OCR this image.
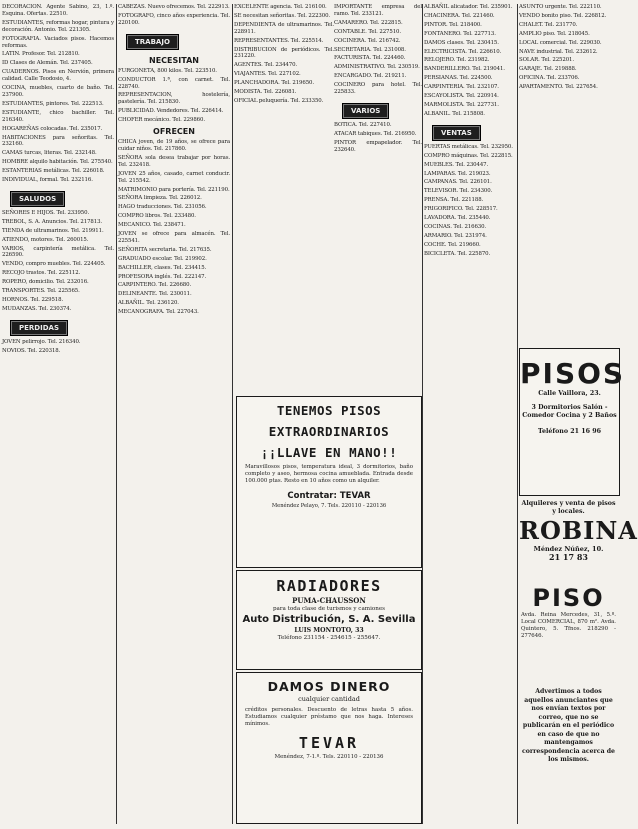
DECORACION. Agente Sabino, 23, 1.º. Esquina. Ofertas. 22510.

ESTUDIANTES, reformas hogar, pintura y decoración. Antonio. Tel. 221305.

FOTOGRAFIA. Vaciados pisos. Hacemos reformas.

LATIN. Profesor. Tel. 212810.

ID Clases de Alemán. Tel. 237405.

CUADERNOS. Pisos en Nervión, primera calidad. Calle Teodosio, 4.

COCINA, muebles, cuarto de baño. Tel. 237900.

ESTUDIANTES, pintores. Tel. 222513.

ESTUDIANTE, chico bachiller. Tel. 216340.

HOGAREÑAS colocadas. Tel. 235017.

HABITACIONES para señoritas. Tel. 232160.

CAMAS turcas, literas. Tel. 232148.

HOMBRE alquilo habitación. Tel. 275540.

ESTANTERIAS metálicas. Tel. 226018.

INDIVIDUAL, formal. Tel. 232116.

SALUDOS

SEÑORES E HIJOS. Tel. 233950.

TREBOL, S. A. Anuncios. Tel. 217813.

TIENDA de ultramarinos. Tel. 219911.

ATIENDO, motores. Tel. 260015.

VARIOS, carpintería metálica. Tel. 226590.

VENDO, compro muebles. Tel. 224405.

RECOJO trastos. Tel. 225112.

ROPERO, domicilio. Tel. 232016.

TRANSPORTES. Tel. 225565.

HORNOS. Tel. 229518.

MUDANZAS. Tel. 230374.

PERDIDAS

JOVEN pelirrojo. Tel. 216340.

NOVIOS. Tel. 220318.

CABEZAS. Nuevo ofrecemos. Tel. 222913.

FOTOGRAFO, cinco años experiencia. Tel. 220100.

TRABAJO
NECESITAN

FURGONETA, 800 kilos. Tel. 223510.

CONDUCTOR 1.ª, con carnet. Tel. 228740.

REPRESENTACION, hostelería, pastelería. Tel. 215830.

PUBLICIDAD. Vendedores. Tel. 226414.

CHOFER mecánico. Tel. 229860.

OFRECEN

CHICA joven, de 19 años, se ofrece para cuidar niños. Tel. 217860.

SEÑORA sola desea trabajar por horas. Tel. 232418.

JOVEN 25 años, casado, carnet conducir. Tel. 215542.

MATRIMONIO para portería. Tel. 221190.

SEÑORA limpieza. Tel. 226012.

HAGO traducciones. Tel. 231056.

COMPRO libros. Tel. 233480.

MECANICO. Tel. 238471.

JOVEN se ofrece para almacén. Tel. 225541.

SEÑORITA secretaria. Tel. 217635.

GRADUADO escolar. Tel. 219902.

BACHILLER, clases. Tel. 234415.

PROFESORA inglés. Tel. 222147.

CARPINTERO. Tel. 226680.

DELINEANTE. Tel. 230011.

ALBAÑIL. Tel. 236120.

MECANOGRAFA. Tel. 227043.

EXCELENTE agencia. Tel. 216100.

SE necesitan señoritas. Tel. 222300.

DEPENDIENTA de ultramarinos. Tel. 228911.

REPRESENTANTES. Tel. 225514.

DISTRIBUCION de periódicos. Tel. 231220.

AGENTES. Tel. 234470.

VIAJANTES. Tel. 227102.

PLANCHADORA. Tel. 219650.

MODISTA. Tel. 226081.

OFICIAL peluquería. Tel. 233350.

IMPORTANTE empresa del ramo. Tel. 233121.

CAMARERO. Tel. 222815.

CONTABLE. Tel. 227510.

COCINERA. Tel. 216742.

SECRETARIA. Tel. 231008.

FACTURISTA. Tel. 224460.

ADMINISTRATIVO. Tel. 230519.

ENCARGADO. Tel. 219211.

COCINERO para hotel. Tel. 225833.

VARIOS

BOTICA. Tel. 227410.

ATACAR tabiques. Tel. 216950.

PINTOR empapelador. Tel. 232640.

ALBAÑIL alicatador. Tel. 235901.

CHACINERA. Tel. 221460.

PINTOR. Tel. 218400.

FONTANERO. Tel. 227713.

DAMOS clases. Tel. 230415.

ELECTRICISTA. Tel. 226610.

RELOJERO. Tel. 231982.

BANDERILLERO. Tel. 219041.

PERSIANAS. Tel. 224500.

CARPINTERIA. Tel. 232107.

ESCAYOLISTA. Tel. 220914.

MARMOLISTA. Tel. 227731.

ALBANIL. Tel. 215808.

VENTAS

PUERTAS metálicas. Tel. 232950.

COMPRO máquinas. Tel. 222815.

MUEBLES. Tel. 230447.

LAMPARAS. Tel. 219023.

CAMPANAS. Tel. 226101.

TELEVISOR. Tel. 234300.

PRENSA. Tel. 221188.

FRIGORIFICO. Tel. 228517.

LAVADORA. Tel. 235440.

COCINAS. Tel. 216630.

ARMARIO. Tel. 231974.

COCHE. Tel. 219660.

BICICLETA. Tel. 225870.

ASUNTO urgente. Tel. 222110.

VENDO bonito piso. Tel. 226812.

CHALET. Tel. 231770.

AMPLIO piso. Tel. 218045.

LOCAL comercial. Tel. 229030.

NAVE industrial. Tel. 232612.

SOLAR. Tel. 225201.

GARAJE. Tel. 219888.

OFICINA. Tel. 233706.

APARTAMENTO. Tel. 227654.

TENEMOS PISOS
EXTRAORDINARIOS
¡¡LLAVE EN MANO!!
Maravillosos pisos, temperatura ideal, 3 dormitorios, baño completo y aseo, hermosa cocina amueblada. Entrada desde 100.000 ptas. Resto en 10 años como un alquiler.
Contratar: TEVAR
Menéndez Pelayo, 7. Tels. 220110 - 220136
RADIADORES
PUMA-CHAUSSON
para toda clase de turismos y camiones
Auto Distribución, S. A. Sevilla
LUIS MONTOTO, 33
Teléfono 231154 - 254615 - 255647.
DAMOS DINERO
cualquier cantidad
créditos personales. Descuento de letras hasta 5 años. Estudiamos cualquier préstamo que nos haga. Intereses mínimos.
TEVAR
Menéndez, 7-1.º. Tels. 220110 - 220136
PISOS
Calle Vaillora, 23.
3 Dormitorios Salón - Comedor Cocina y 2 Baños
Teléfono 21 16 96
Alquileres y venta de pisos y locales.
ROBINA
Méndez Núñez, 10.
21 17 83
PISO
Avda. Reina Mercedes, 31, 5.º. Local COMERCIAL, 870 m². Avda. Quintero, 5. Tfnos. 218290 - 277646.
Advertimos a todos aquellos anunciantes que nos envían textos por correo, que no se publicarán en el periódico en caso de que no mantengamos correspondencia acerca de los mismos.
